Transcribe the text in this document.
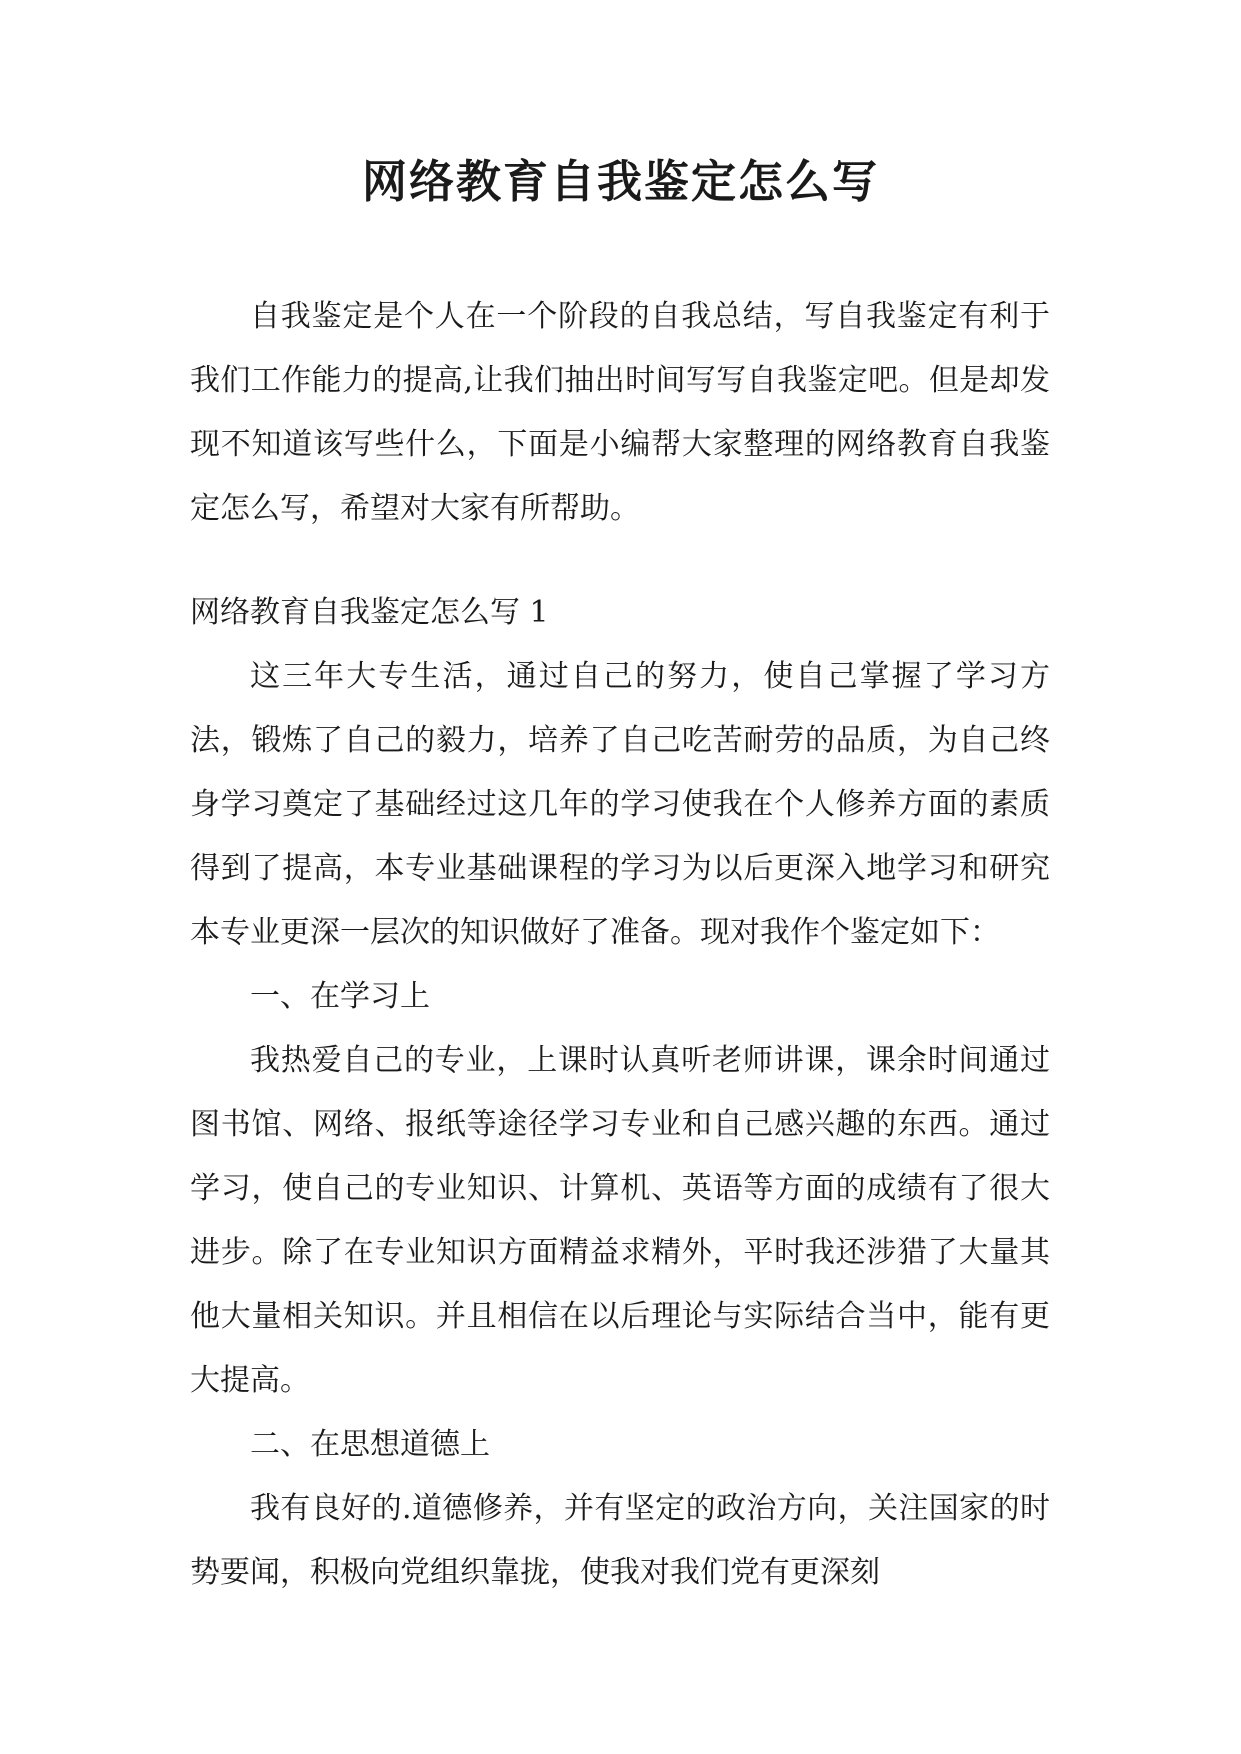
网络教育自我鉴定怎么写

自我鉴定是个人在一个阶段的自我总结，写自我鉴定有利于我们工作能力的提高,让我们抽出时间写写自我鉴定吧。但是却发现不知道该写些什么，下面是小编帮大家整理的网络教育自我鉴定怎么写，希望对大家有所帮助。

网络教育自我鉴定怎么写 1

这三年大专生活，通过自己的努力，使自己掌握了学习方法，锻炼了自己的毅力，培养了自己吃苦耐劳的品质，为自己终身学习奠定了基础经过这几年的学习使我在个人修养方面的素质得到了提高，本专业基础课程的学习为以后更深入地学习和研究本专业更深一层次的知识做好了准备。现对我作个鉴定如下：

一、在学习上

我热爱自己的专业，上课时认真听老师讲课，课余时间通过图书馆、网络、报纸等途径学习专业和自己感兴趣的东西。通过学习，使自己的专业知识、计算机、英语等方面的成绩有了很大进步。除了在专业知识方面精益求精外，平时我还涉猎了大量其他大量相关知识。并且相信在以后理论与实际结合当中，能有更大提高。

二、在思想道德上

我有良好的.道德修养，并有坚定的政治方向，关注国家的时势要闻，积极向党组织靠拢，使我对我们党有更深刻
